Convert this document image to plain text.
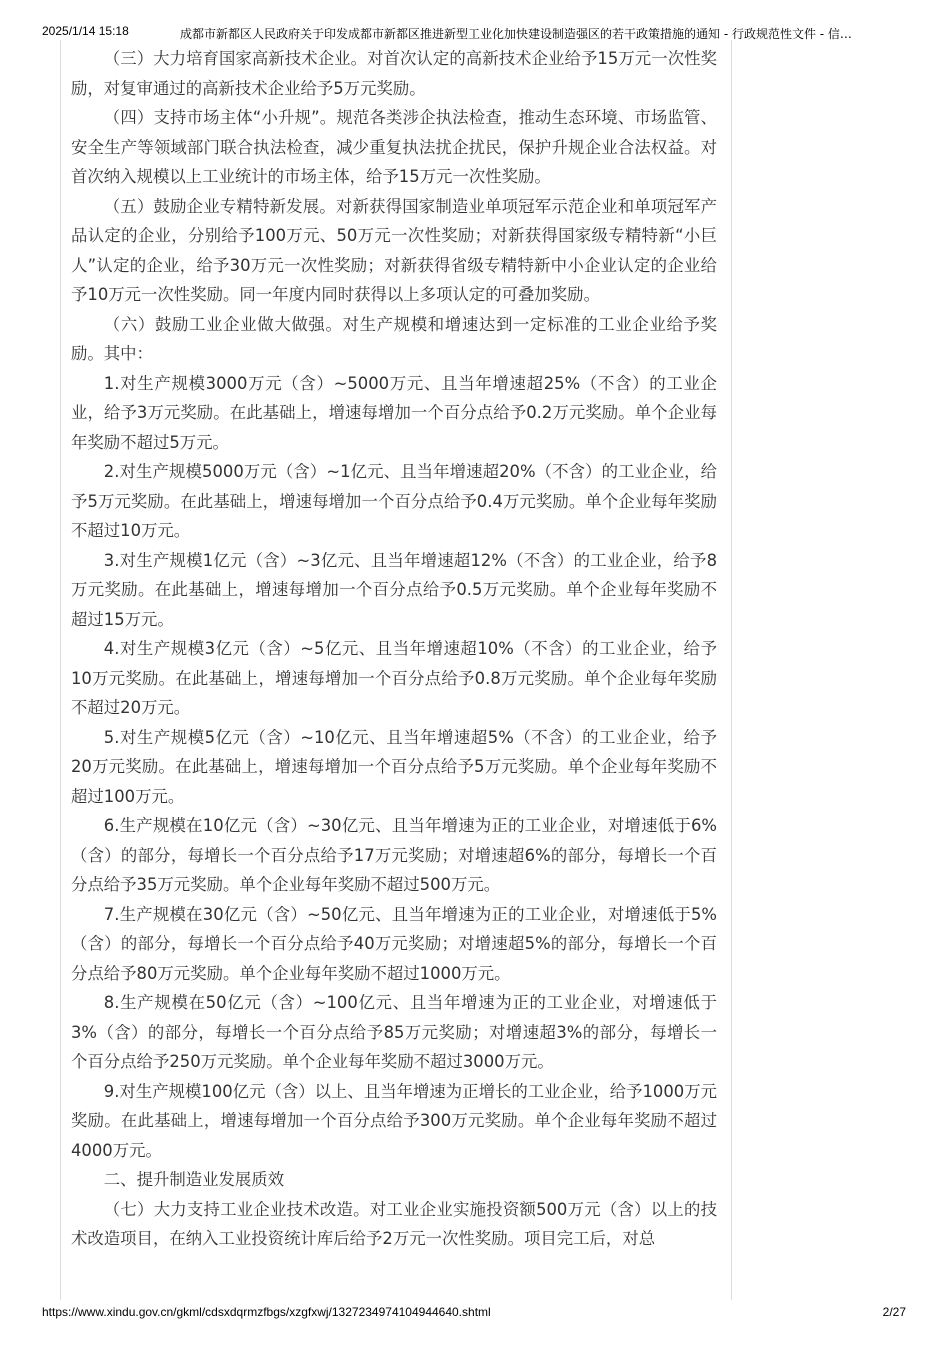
2025/1/14 15:18	成都市新都区人民政府关于印发成都市新都区推进新型工业化加快建设制造强区的若干政策措施的通知 - 行政规范性文件 - 信…

（三）大力培育国家高新技术企业。对首次认定的高新技术企业给予15万元一次性奖励，对复审通过的高新技术企业给予5万元奖励。

（四）支持市场主体“小升规”。规范各类涉企执法检查，推动生态环境、市场监管、安全生产等领域部门联合执法检查，减少重复执法扰企扰民，保护升规企业合法权益。对首次纳入规模以上工业统计的市场主体，给予15万元一次性奖励。

（五）鼓励企业专精特新发展。对新获得国家制造业单项冠军示范企业和单项冠军产品认定的企业，分别给予100万元、50万元一次性奖励；对新获得国家级专精特新“小巨人”认定的企业，给予30万元一次性奖励；对新获得省级专精特新中小企业认定的企业给予10万元一次性奖励。同一年度内同时获得以上多项认定的可叠加奖励。

（六）鼓励工业企业做大做强。对生产规模和增速达到一定标准的工业企业给予奖励。其中：

1.对生产规模3000万元（含）~5000万元、且当年增速超25%（不含）的工业企业，给予3万元奖励。在此基础上，增速每增加一个百分点给予0.2万元奖励。单个企业每年奖励不超过5万元。

2.对生产规模5000万元（含）~1亿元、且当年增速超20%（不含）的工业企业，给予5万元奖励。在此基础上，增速每增加一个百分点给予0.4万元奖励。单个企业每年奖励不超过10万元。

3.对生产规模1亿元（含）~3亿元、且当年增速超12%（不含）的工业企业，给予8万元奖励。在此基础上，增速每增加一个百分点给予0.5万元奖励。单个企业每年奖励不超过15万元。

4.对生产规模3亿元（含）~5亿元、且当年增速超10%（不含）的工业企业，给予10万元奖励。在此基础上，增速每增加一个百分点给予0.8万元奖励。单个企业每年奖励不超过20万元。

5.对生产规模5亿元（含）~10亿元、且当年增速超5%（不含）的工业企业，给予20万元奖励。在此基础上，增速每增加一个百分点给予5万元奖励。单个企业每年奖励不超过100万元。

6.生产规模在10亿元（含）~30亿元、且当年增速为正的工业企业，对增速低于6%（含）的部分，每增长一个百分点给予17万元奖励；对增速超6%的部分，每增长一个百分点给予35万元奖励。单个企业每年奖励不超过500万元。

7.生产规模在30亿元（含）~50亿元、且当年增速为正的工业企业，对增速低于5%（含）的部分，每增长一个百分点给予40万元奖励；对增速超5%的部分，每增长一个百分点给予80万元奖励。单个企业每年奖励不超过1000万元。

8.生产规模在50亿元（含）~100亿元、且当年增速为正的工业企业，对增速低于3%（含）的部分，每增长一个百分点给予85万元奖励；对增速超3%的部分，每增长一个百分点给予250万元奖励。单个企业每年奖励不超过3000万元。

9.对生产规模100亿元（含）以上、且当年增速为正增长的工业企业，给予1000万元奖励。在此基础上，增速每增加一个百分点给予300万元奖励。单个企业每年奖励不超过4000万元。

二、提升制造业发展质效

（七）大力支持工业企业技术改造。对工业企业实施投资额500万元（含）以上的技术改造项目，在纳入工业投资统计库后给予2万元一次性奖励。项目完工后，对总

https://www.xindu.gov.cn/gkml/cdsxdqrmzfbgs/xzgfxwj/1327234974104944640.shtml	2/27
